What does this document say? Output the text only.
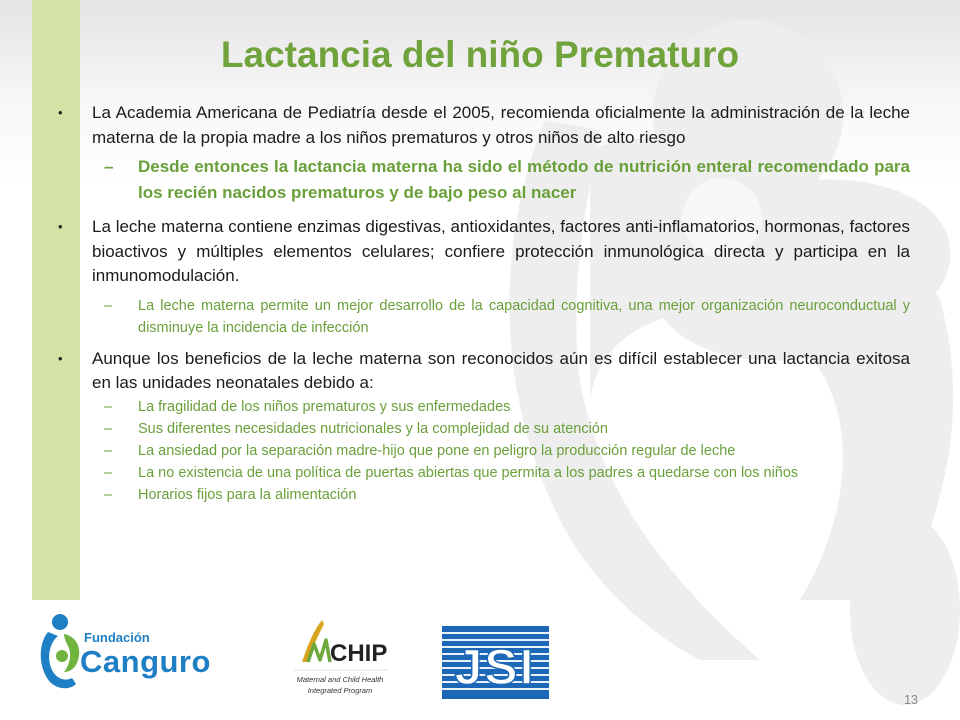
Lactancia del niño Prematuro
• La Academia Americana de Pediatría desde el 2005, recomienda oficialmente la administración de la leche materna de la propia madre a los niños prematuros y otros niños de alto riesgo
– Desde entonces la lactancia materna ha sido el método de nutrición enteral recomendado para los recién nacidos prematuros y de bajo peso al nacer
• La leche materna contiene enzimas digestivas, antioxidantes, factores anti-inflamatorios, hormonas, factores bioactivos y múltiples elementos celulares; confiere protección inmunológica directa y participa en la inmunomodulación.
– La leche materna permite un mejor desarrollo de la capacidad cognitiva, una mejor organización neuroconductual y disminuye la incidencia de infección
• Aunque los beneficios de la leche materna son reconocidos aún es difícil establecer una lactancia exitosa en las unidades neonatales debido a:
– La fragilidad de los niños prematuros y sus enfermedades
– Sus diferentes necesidades nutricionales y la complejidad de su atención
– La ansiedad por la separación madre-hijo que pone en peligro la producción regular de leche
– La no existencia de una política de puertas abiertas que permita a los padres a quedarse con los niños
– Horarios fijos para la alimentación
Fundación
Canguro	CHIP
Maternal and Child Health
Integrated Program JSI
13
